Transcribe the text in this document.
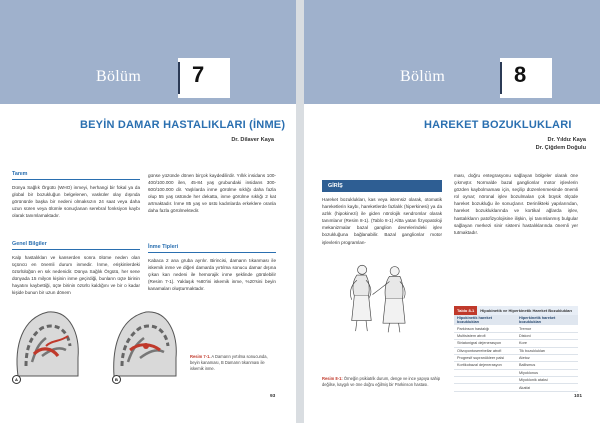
Bölüm 7
BEYİN DAMAR HASTALIKLARI (İNME)
Dr. Dilaver Kaya
Tanım

Dünya Sağlık Örgütü (WHO) inmeyi, herhangi bir fokal ya da global bir bozukluğun belgelenen, vasküler olay dışında görünürde başka bir nedeni olmaksızın 24 saat veya daha uzun süren veya ölümle sonuçlanan serebral fonksiyon kaybı olarak tanımlamaktadır.

Genel Bilgiler

Kalp hastalıkları ve kanserden sonra ölüme neden olan üçüncü en önemli durum inmedir. İnme, erişkinlerdeki özürlülüğün en sık nedenidir. Dünya Sağlık Örgütü, her sene dünyada 15 milyon kişinin inme geçirdiği, bunların üçte birinin hayatını kaybettiği, üçte birinin özürlü kaldığını ve bir o kadar kişide bunun bir uzun dönem

günse yüzünde dönen birçok kaydedilirdir. Yıllık insidans 100-400/100.000 ilen, 45-84 yaş grubundaki insidans 300-600/100.000 dir. Yaşlılarda inme görülme sıklığı daha fazla olup 55 yaş üstünde her dekatta, inme görülme sıklığı 2 kat artmaktadır. İnme 85 yaş ve üstü kadınlarda erkeklere oranla daha fazla görülmektedir.

İnme Tipleri

Kabaca 2 ana gruba ayrılır. Birincisi, damarın tıkanması ile iskemik inme ve diğeri damarda yırtılma sonucu damar dışına çıkan kan nedeni ile hemorajik inme şeklinde görülebilir (Resim 7-1). Yaklaşık %80'ini iskemik inme, %20'sini beyin kanamaları oluşturmaktadır.

A	B

Resim 7-1. A Damarın yırtılma sonucunda, beyin kanaması, B Damarın tıkanması ile iskemik inme.

93
Bölüm	8
HAREKET BOZUKLUKLARI
Dr. Yıldız Kaya
Dr. Çiğdem Doğulu
GİRİŞ

Hareket bozuklukları, kas veya istemsiz olarak, otomatik hareketlerin kaybı, hareketlerde fazlalık (hiperkinesi) ya da azlık (hipokinezi) ile giden nörolojik sendromlar olarak tanımlanır (Resim 8-1). (Tablo 8-1) Altta yatan fizyopatoloji mekanizmalar bazal ganglion devrelerindeki işlev bozukluğuna bağlanabilir. Bazal ganglionlar motor işlevlerin programlan-

Resim 8-1: Örneğin psikiatrik durum, denge ve ince yapıya sahip değilse, kaygılı ve öne doğru eğilmiş bir Parkinson hastası.

ması, doğru entegrasyonu sağlayan bölgeler olarak öne çıkmıştır. Normalde bazal ganglionlar motor işlevlerin gözden kaybolmaması için, seçilip düzenlenmesinde önemli rol oynar; nöronal işlev bozulmaları çok büyük ölçüde hareket bozukluğu ile sonuçlanır. Derinlikteki yapılarından, hareket bozukluklarında ve kortikal ağlarda işlev, hastalıkların patofizyolojisine ilişkin, iyi tanımlanmış bulgular sağlayan merkezi sinir sistemi hastalıklarında önemli yer tutmaktadır.

Tablo 8-1 Hipokinetik ve Hiperkinetik Hareket Bozuklukları	

Hipokinetik hareket bozuklukları	Hiperkinetik hareket bozuklukları
Parkinson hastalığı	Tremor
Multisistem atrofi	Distoni
Striatonigral dejenerasyon	Kore
Olivopontoserebellar atrofi	Tik bozuklukları
Progresif supranükleer palsi	Atetoz
Kortikobazal dejenerasyon	Ballismus
	Miyoklonus
	Miyoklonik ataksi
	Akatizi
101
